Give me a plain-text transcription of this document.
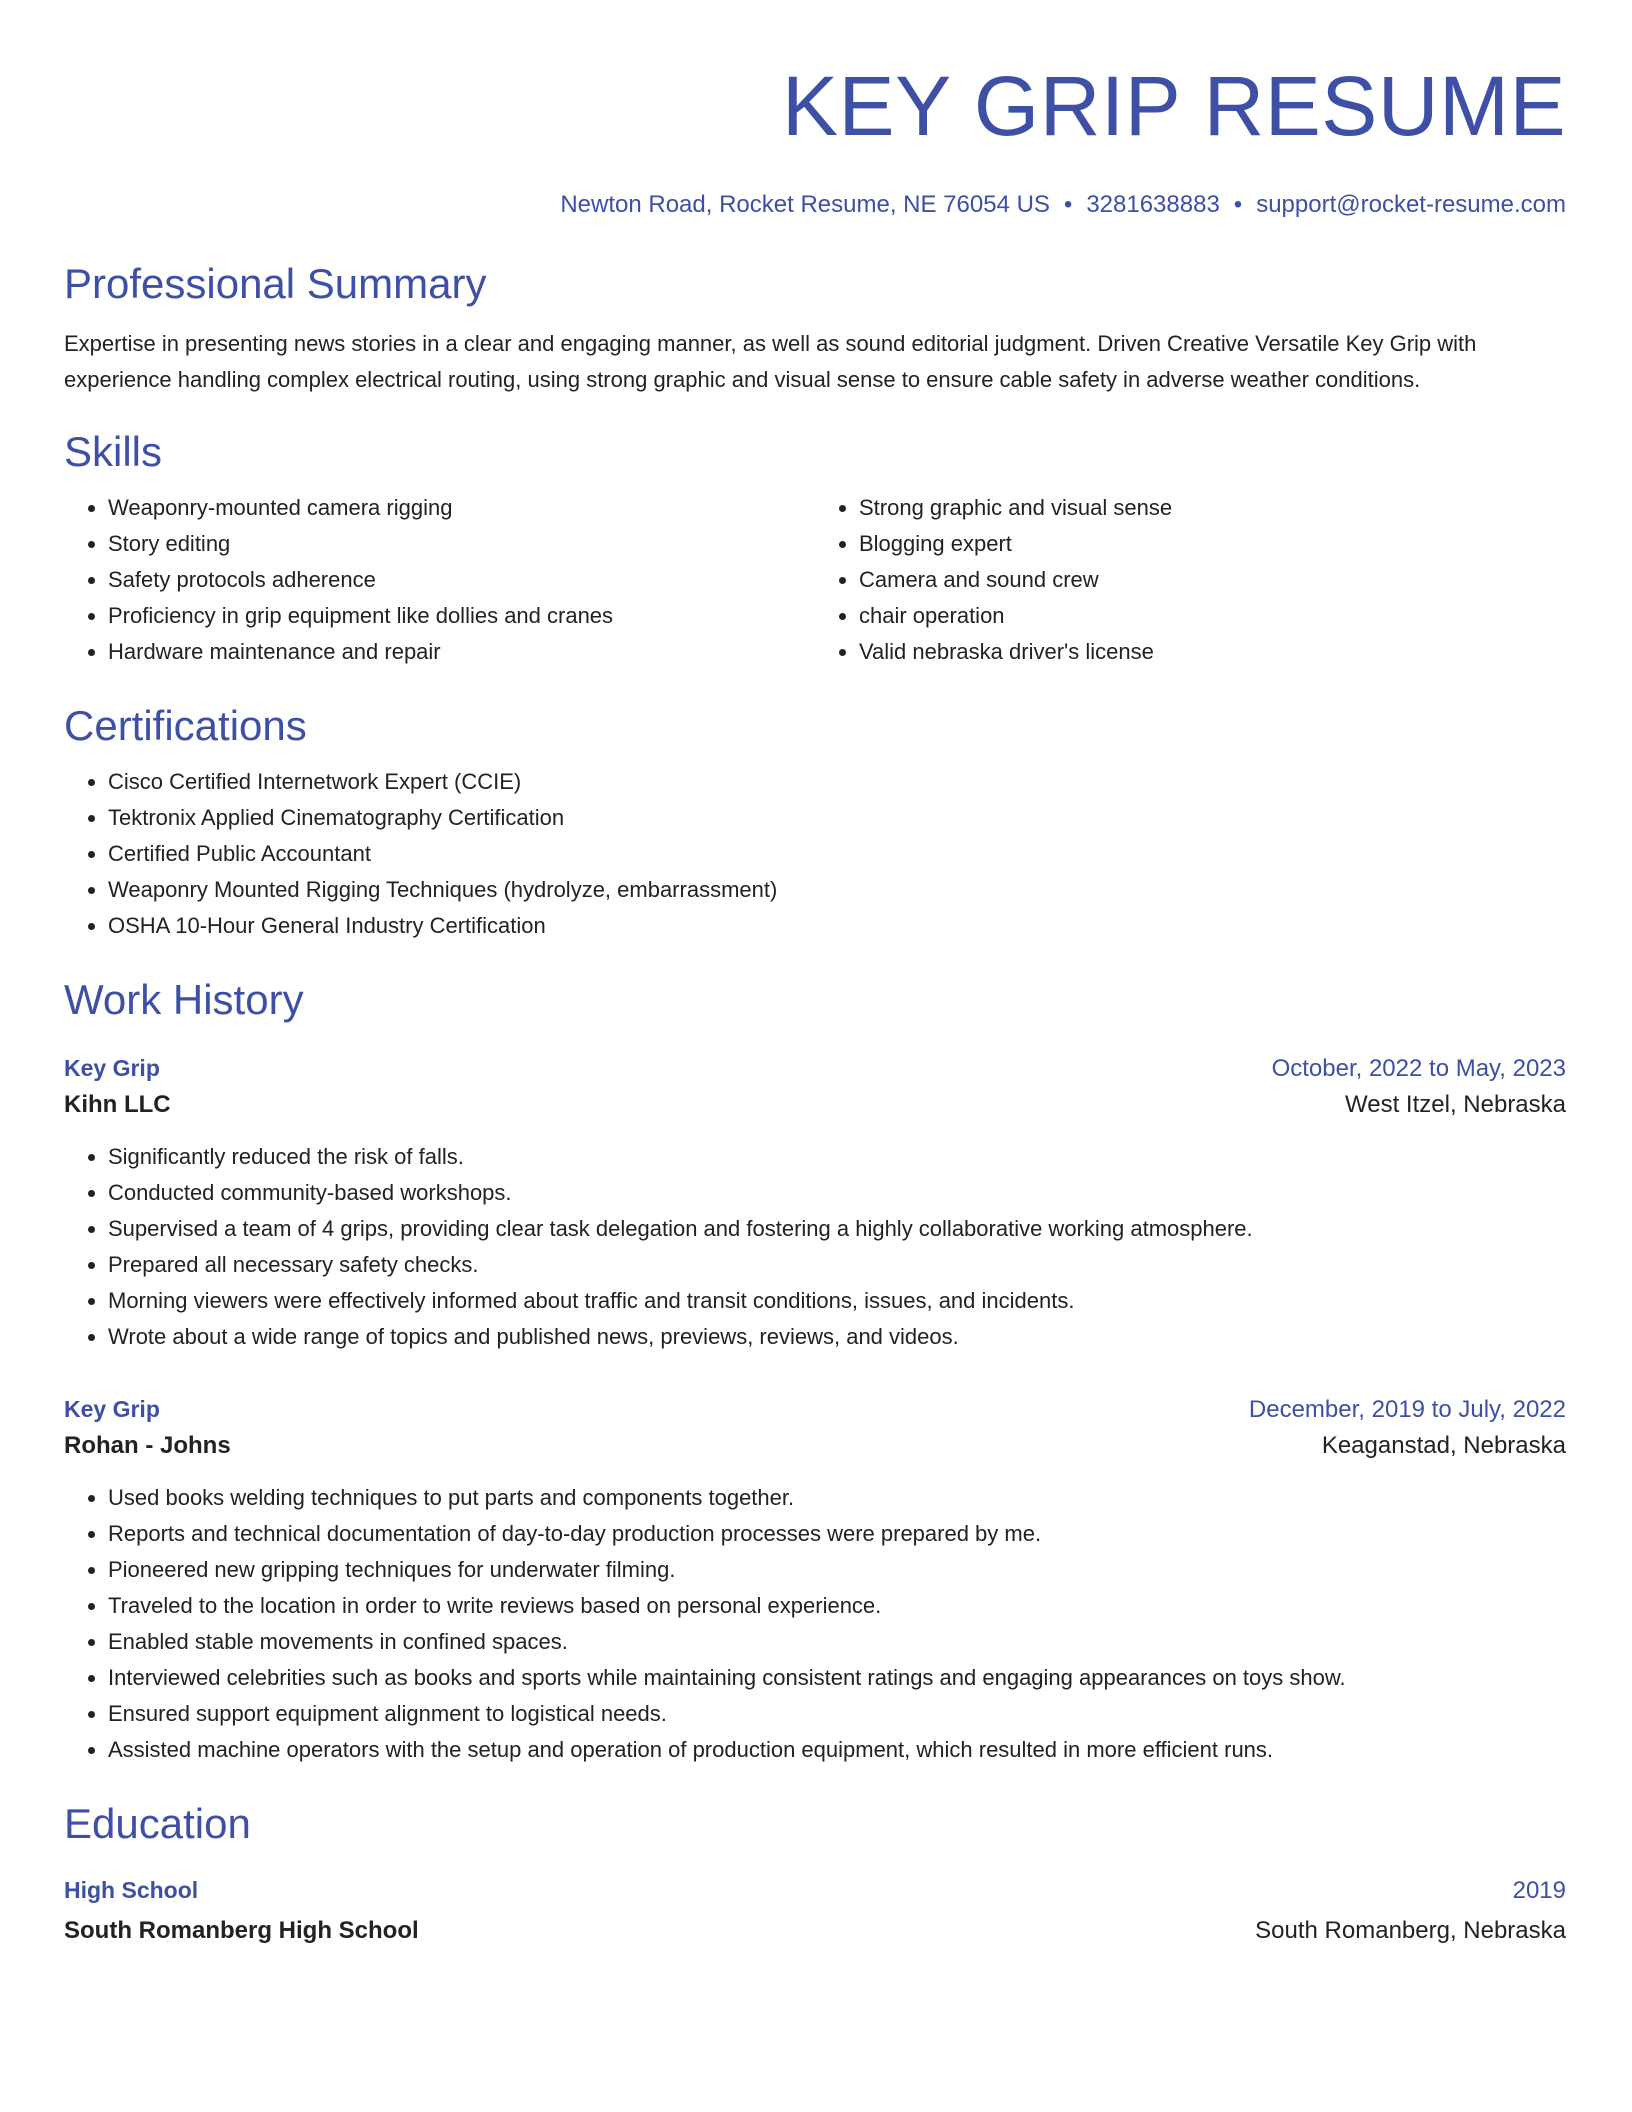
KEY GRIP RESUME
Newton Road, Rocket Resume, NE 76054 US • 3281638883 • support@rocket-resume.com
Professional Summary
Expertise in presenting news stories in a clear and engaging manner, as well as sound editorial judgment. Driven Creative Versatile Key Grip with experience handling complex electrical routing, using strong graphic and visual sense to ensure cable safety in adverse weather conditions.
Skills
• Weaponry-mounted camera rigging
• Story editing
• Safety protocols adherence
• Proficiency in grip equipment like dollies and cranes
• Hardware maintenance and repair
• Strong graphic and visual sense
• Blogging expert
• Camera and sound crew
• chair operation
• Valid nebraska driver's license
Certifications
• Cisco Certified Internetwork Expert (CCIE)
• Tektronix Applied Cinematography Certification
• Certified Public Accountant
• Weaponry Mounted Rigging Techniques (hydrolyze, embarrassment)
• OSHA 10-Hour General Industry Certification
Work History
Key Grip	October, 2022 to May, 2023
Kihn LLC	West Itzel, Nebraska
• Significantly reduced the risk of falls.
• Conducted community-based workshops.
• Supervised a team of 4 grips, providing clear task delegation and fostering a highly collaborative working atmosphere.
• Prepared all necessary safety checks.
• Morning viewers were effectively informed about traffic and transit conditions, issues, and incidents.
• Wrote about a wide range of topics and published news, previews, reviews, and videos.
Key Grip	December, 2019 to July, 2022
Rohan - Johns	Keaganstad, Nebraska
• Used books welding techniques to put parts and components together.
• Reports and technical documentation of day-to-day production processes were prepared by me.
• Pioneered new gripping techniques for underwater filming.
• Traveled to the location in order to write reviews based on personal experience.
• Enabled stable movements in confined spaces.
• Interviewed celebrities such as books and sports while maintaining consistent ratings and engaging appearances on toys show.
• Ensured support equipment alignment to logistical needs.
• Assisted machine operators with the setup and operation of production equipment, which resulted in more efficient runs.
Education
High School	2019
South Romanberg High School	South Romanberg, Nebraska
